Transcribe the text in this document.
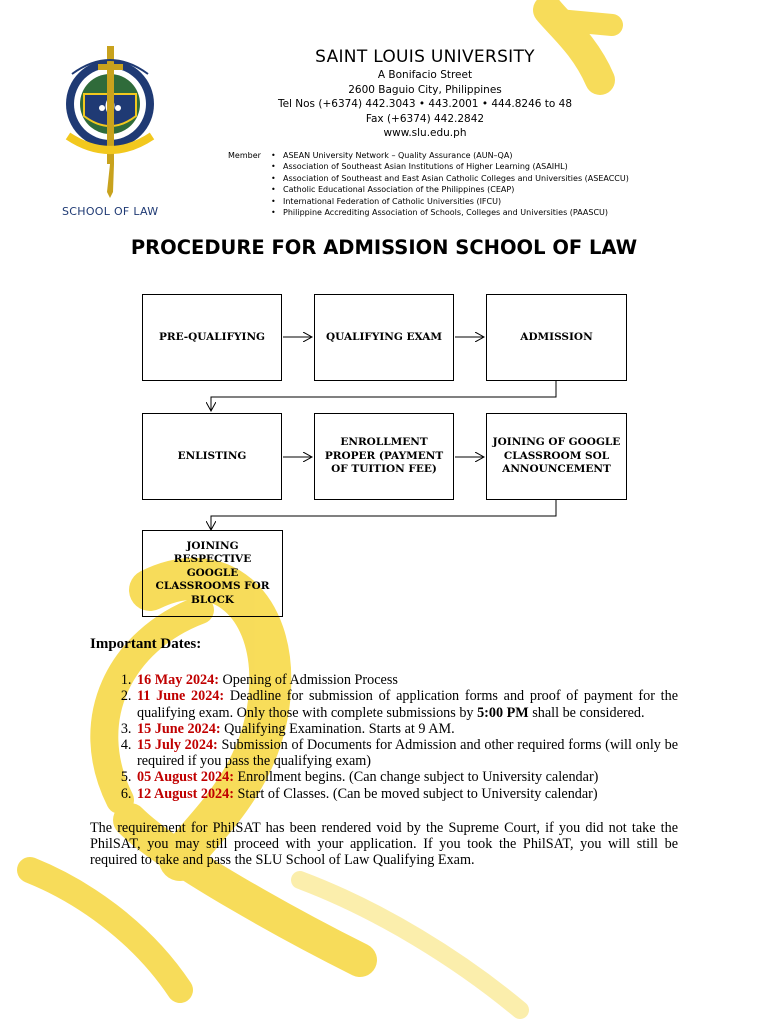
SCHOOL OF LAW
SAINT LOUIS UNIVERSITY
A Bonifacio Street
2600 Baguio City, Philippines
Tel Nos (+6374) 442.3043 • 443.2001 • 444.8246 to 48
Fax (+6374) 442.2842
www.slu.edu.ph
Member
•	ASEAN University Network – Quality Assurance (AUN–QA)
• Association of Southeast Asian Institutions of Higher Learning (ASAIHL)
• Association of Southeast and East Asian Catholic Colleges and Universities (ASEACCU)
• Catholic Educational Association of the Philippines (CEAP)
• International Federation of Catholic Universities (IFCU)
• Philippine Accrediting Association of Schools, Colleges and Universities (PAASCU)
PROCEDURE FOR ADMISSION SCHOOL OF LAW
PRE-QUALIFYING	QUALIFYING EXAM	ADMISSION
ENLISTING
ENROLLMENT PROPER (PAYMENT OF TUITION FEE)
JOINING OF GOOGLE CLASSROOM SOL ANNOUNCEMENT
JOINING RESPECTIVE GOOGLE CLASSROOMS FOR BLOCK
Important Dates:
1. 16 May 2024: Opening of Admission Process
2. 11 June 2024: Deadline for submission of application forms and proof of payment for the qualifying exam. Only those with complete submissions by 5:00 PM shall be considered.
3. 15 June 2024: Qualifying Examination. Starts at 9 AM.
4. 15 July 2024: Submission of Documents for Admission and other required forms (will only be required if you pass the qualifying exam)
5. 05 August 2024: Enrollment begins. (Can change subject to University calendar)
6. 12 August 2024: Start of Classes. (Can be moved subject to University calendar)
The requirement for PhilSAT has been rendered void by the Supreme Court, if you did not take the PhilSAT, you may still proceed with your application. If you took the PhilSAT, you will still be required to take and pass the SLU School of Law Qualifying Exam.
